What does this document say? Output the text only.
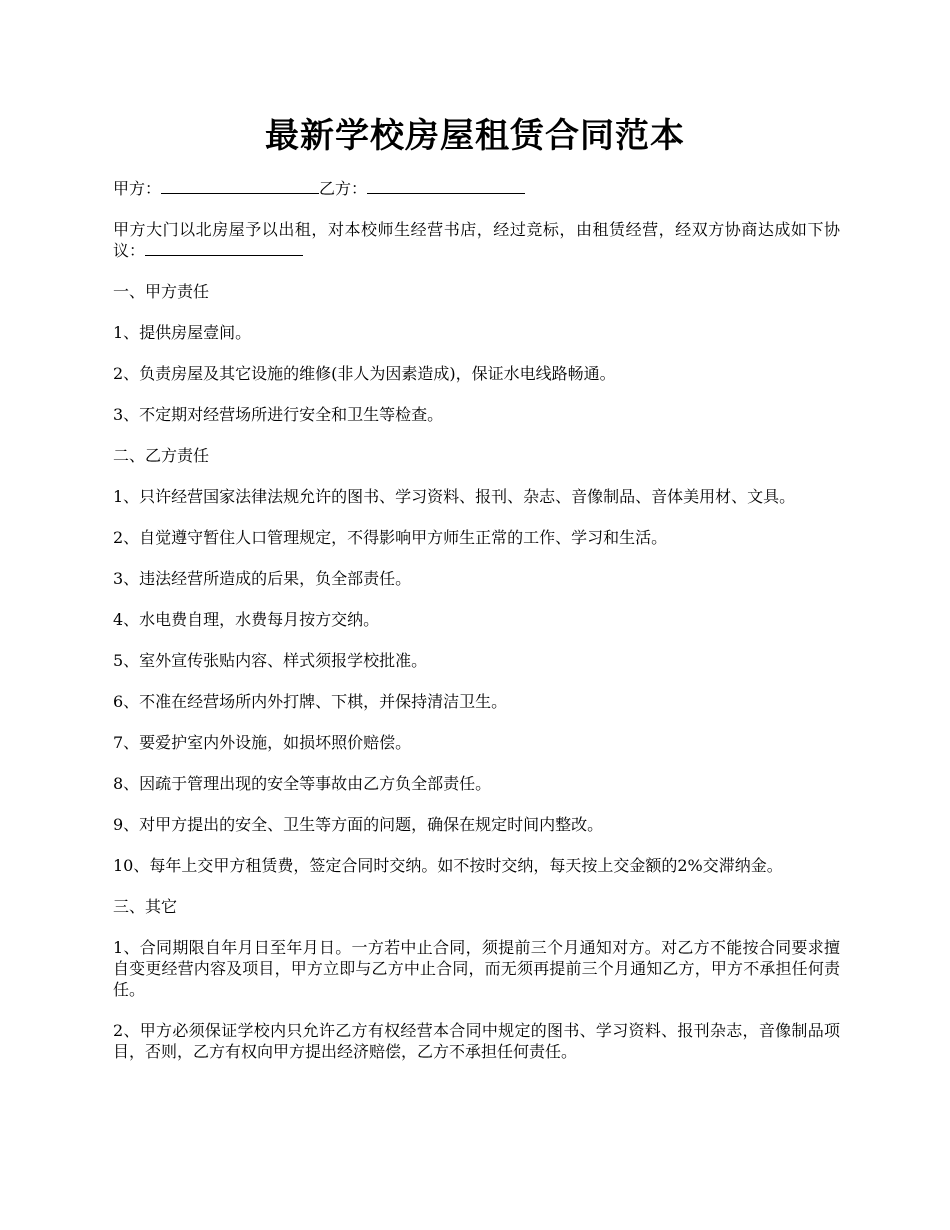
最新学校房屋租赁合同范本

甲方：	乙方：

甲方大门以北房屋予以出租，对本校师生经营书店，经过竞标，由租赁经营，经双方协商达成如下协议：

一、甲方责任

1、提供房屋壹间。

2、负责房屋及其它设施的维修(非人为因素造成)，保证水电线路畅通。

3、不定期对经营场所进行安全和卫生等检查。

二、乙方责任

1、只许经营国家法律法规允许的图书、学习资料、报刊、杂志、音像制品、音体美用材、文具。

2、自觉遵守暂住人口管理规定，不得影响甲方师生正常的工作、学习和生活。

3、违法经营所造成的后果，负全部责任。

4、水电费自理，水费每月按方交纳。

5、室外宣传张贴内容、样式须报学校批准。

6、不准在经营场所内外打牌、下棋，并保持清洁卫生。

7、要爱护室内外设施，如损坏照价赔偿。

8、因疏于管理出现的安全等事故由乙方负全部责任。

9、对甲方提出的安全、卫生等方面的问题，确保在规定时间内整改。

10、每年上交甲方租赁费，签定合同时交纳。如不按时交纳，每天按上交金额的2%交滞纳金。

三、其它

1、合同期限自年月日至年月日。一方若中止合同，须提前三个月通知对方。对乙方不能按合同要求擅自变更经营内容及项目，甲方立即与乙方中止合同，而无须再提前三个月通知乙方，甲方不承担任何责任。

2、甲方必须保证学校内只允许乙方有权经营本合同中规定的图书、学习资料、报刊杂志，音像制品项目，否则，乙方有权向甲方提出经济赔偿，乙方不承担任何责任。
